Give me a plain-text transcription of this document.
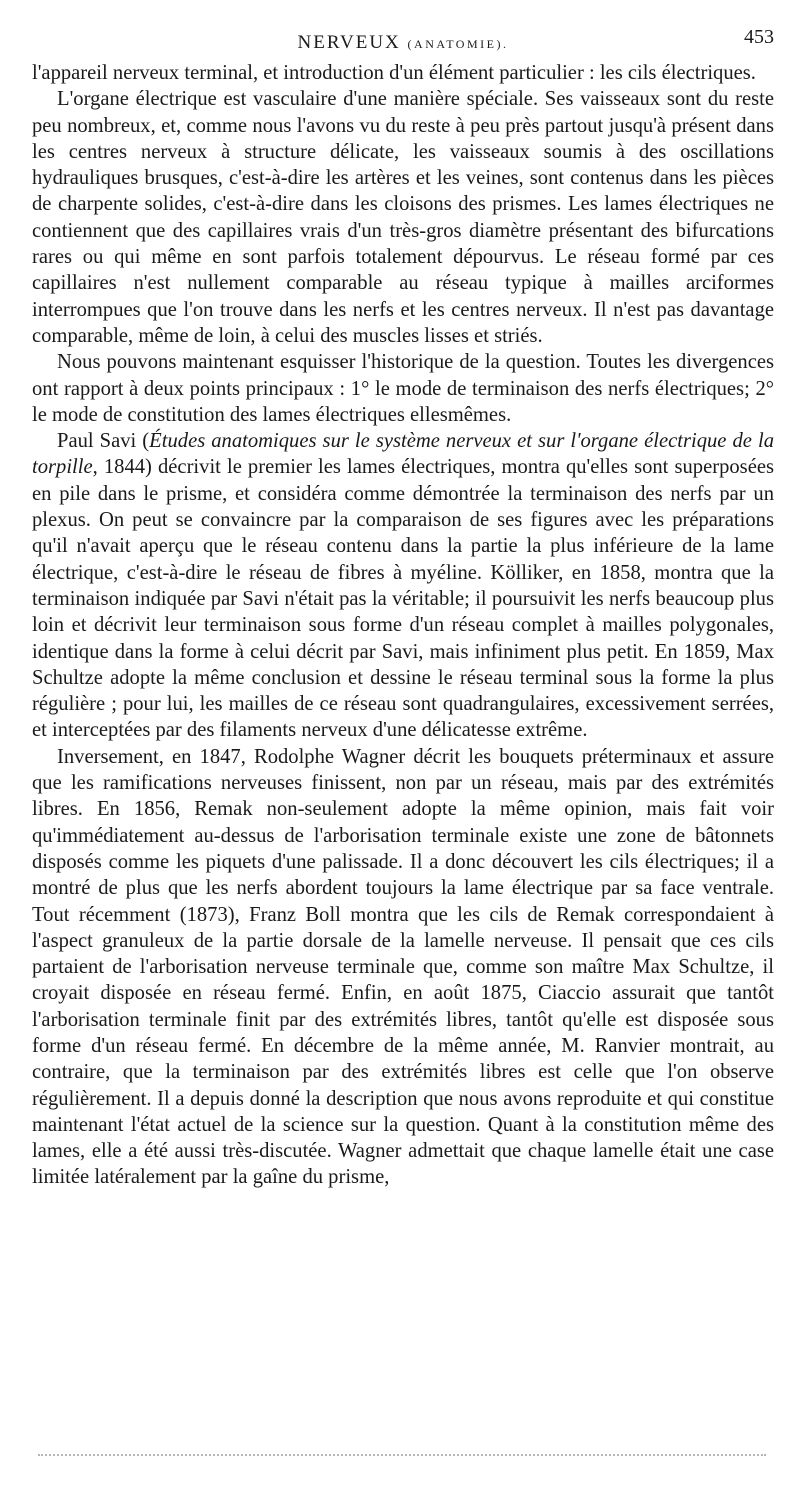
NERVEUX (ANATOMIE).	453

l'appareil nerveux terminal, et introduction d'un élément particulier : les cils électriques.

L'organe électrique est vasculaire d'une manière spéciale. Ses vaisseaux sont du reste peu nombreux, et, comme nous l'avons vu du reste à peu près partout jusqu'à présent dans les centres nerveux à structure délicate, les vaisseaux soumis à des oscillations hydrauliques brusques, c'est-à-dire les artères et les veines, sont contenus dans les pièces de charpente solides, c'est-à-dire dans les cloisons des prismes. Les lames électriques ne contiennent que des capillaires vrais d'un très-gros diamètre présentant des bifurcations rares ou qui même en sont parfois totalement dépourvus. Le réseau formé par ces capillaires n'est nullement comparable au réseau typique à mailles arciformes interrompues que l'on trouve dans les nerfs et les centres nerveux. Il n'est pas davantage comparable, même de loin, à celui des muscles lisses et striés.

Nous pouvons maintenant esquisser l'historique de la question. Toutes les divergences ont rapport à deux points principaux : 1° le mode de terminaison des nerfs électriques; 2° le mode de constitution des lames électriques ellesmêmes.

Paul Savi (Études anatomiques sur le système nerveux et sur l'organe électrique de la torpille, 1844) décrivit le premier les lames électriques, montra qu'elles sont superposées en pile dans le prisme, et considéra comme démontrée la terminaison des nerfs par un plexus. On peut se convaincre par la comparaison de ses figures avec les préparations qu'il n'avait aperçu que le réseau contenu dans la partie la plus inférieure de la lame électrique, c'est-à-dire le réseau de fibres à myéline. Kölliker, en 1858, montra que la terminaison indiquée par Savi n'était pas la véritable; il poursuivit les nerfs beaucoup plus loin et décrivit leur terminaison sous forme d'un réseau complet à mailles polygonales, identique dans la forme à celui décrit par Savi, mais infiniment plus petit. En 1859, Max Schultze adopte la même conclusion et dessine le réseau terminal sous la forme la plus régulière ; pour lui, les mailles de ce réseau sont quadrangulaires, excessivement serrées, et interceptées par des filaments nerveux d'une délicatesse extrême.

Inversement, en 1847, Rodolphe Wagner décrit les bouquets préterminaux et assure que les ramifications nerveuses finissent, non par un réseau, mais par des extrémités libres. En 1856, Remak non-seulement adopte la même opinion, mais fait voir qu'immédiatement au-dessus de l'arborisation terminale existe une zone de bâtonnets disposés comme les piquets d'une palissade. Il a donc découvert les cils électriques; il a montré de plus que les nerfs abordent toujours la lame électrique par sa face ventrale. Tout récemment (1873), Franz Boll montra que les cils de Remak correspondaient à l'aspect granuleux de la partie dorsale de la lamelle nerveuse. Il pensait que ces cils partaient de l'arborisation nerveuse terminale que, comme son maître Max Schultze, il croyait disposée en réseau fermé. Enfin, en août 1875, Ciaccio assurait que tantôt l'arborisation terminale finit par des extrémités libres, tantôt qu'elle est disposée sous forme d'un réseau fermé. En décembre de la même année, M. Ranvier montrait, au contraire, que la terminaison par des extrémités libres est celle que l'on observe régulièrement. Il a depuis donné la description que nous avons reproduite et qui constitue maintenant l'état actuel de la science sur la question. Quant à la constitution même des lames, elle a été aussi très-discutée. Wagner admettait que chaque lamelle était une case limitée latéralement par la gaîne du prisme,
